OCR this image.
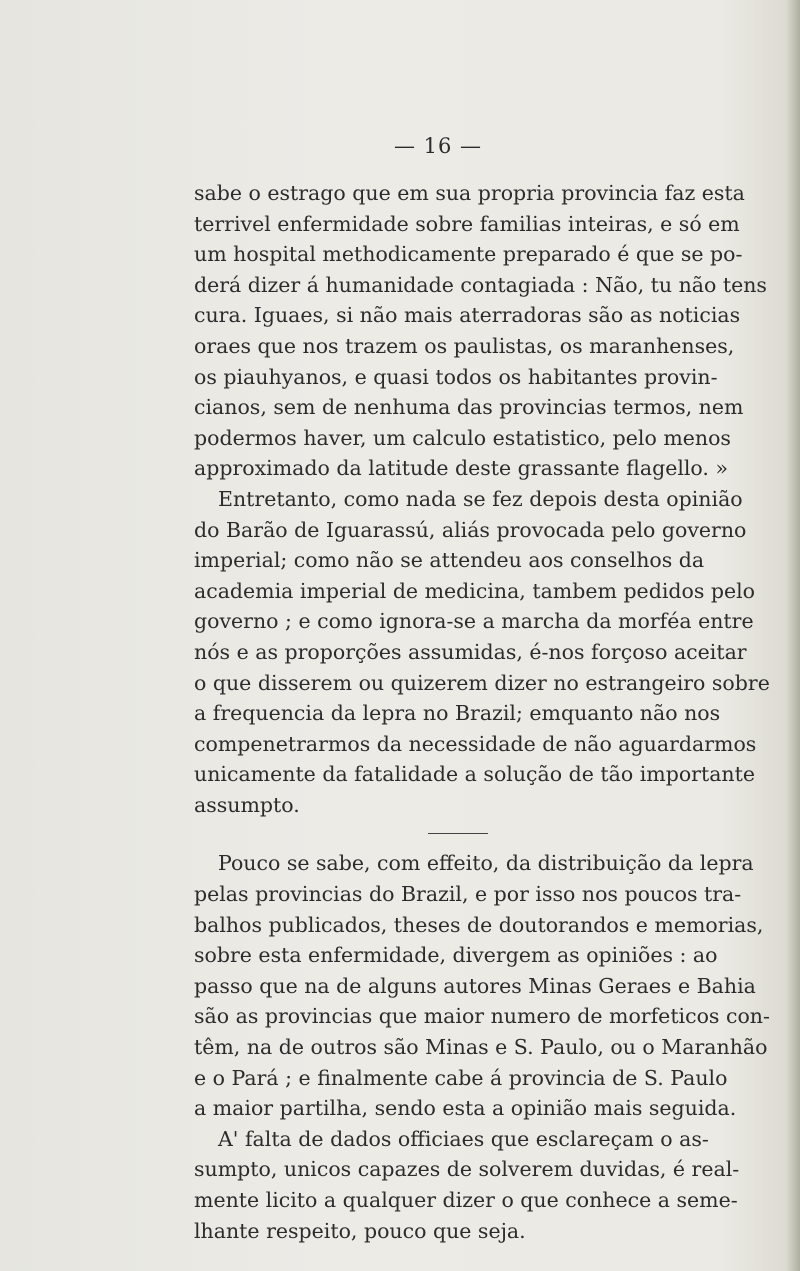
— 16 —
sabe o estrago que em sua propria provincia faz esta
terrivel enfermidade sobre familias inteiras, e só em
um hospital methodicamente preparado é que se po-
derá dizer á humanidade contagiada : Não, tu não tens
cura. Iguaes, si não mais aterradoras são as noticias
oraes que nos trazem os paulistas, os maranhenses,
os piauhyanos, e quasi todos os habitantes provin-
cianos, sem de nenhuma das provincias termos, nem
podermos haver, um calculo estatistico, pelo menos
approximado da latitude deste grassante flagello. »
Entretanto, como nada se fez depois desta opinião
do Barão de Iguarassú, aliás provocada pelo governo
imperial; como não se attendeu aos conselhos da
academia imperial de medicina, tambem pedidos pelo
governo ; e como ignora-se a marcha da morféa entre
nós e as proporções assumidas, é-nos forçoso aceitar
o que disserem ou quizerem dizer no estrangeiro sobre
a frequencia da lepra no Brazil; emquanto não nos
compenetrarmos da necessidade de não aguardarmos
unicamente da fatalidade a solução de tão importante
assumpto.
Pouco se sabe, com effeito, da distribuição da lepra
pelas provincias do Brazil, e por isso nos poucos tra-
balhos publicados, theses de doutorandos e memorias,
sobre esta enfermidade, divergem as opiniões : ao
passo que na de alguns autores Minas Geraes e Bahia
são as provincias que maior numero de morfeticos con-
têm, na de outros são Minas e S. Paulo, ou o Maranhão
e o Pará ; e finalmente cabe á provincia de S. Paulo
a maior partilha, sendo esta a opinião mais seguida.
A' falta de dados officiaes que esclareçam o as-
sumpto, unicos capazes de solverem duvidas, é real-
mente licito a qualquer dizer o que conhece a seme-
lhante respeito, pouco que seja.
